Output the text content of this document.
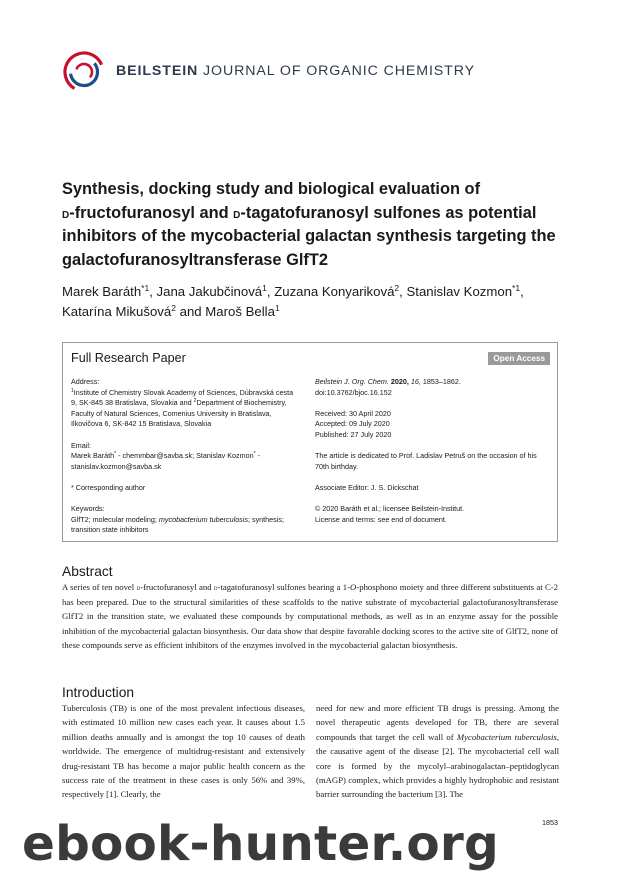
BEILSTEIN JOURNAL OF ORGANIC CHEMISTRY
Synthesis, docking study and biological evaluation of
d-fructofuranosyl and d-tagatofuranosyl sulfones as potential inhibitors of the mycobacterial galactan synthesis targeting the galactofuranosyltransferase GlfT2
Marek Baráth$^{*1}$, Jana Jakubčinová$^1$, Zuzana Konyariková$^2$, Stanislav Kozmon$^{*1}$,
Katarína Mikušová$^2$ and Maroš Bella$^1$
Full Research Paper	Open Access

Address:
$^1$Institute of Chemistry Slovak Academy of Sciences, Dúbravská cesta 9, SK-845 38 Bratislava, Slovakia and $^2$Department of Biochemistry, Faculty of Natural Sciences, Comenius University in Bratislava, Ilkovičova 6, SK-842 15 Bratislava, Slovakia

Email:
Marek Baráth* - chemmbar@savba.sk; Stanislav Kozmon* - stanislav.kozmon@savba.sk

* Corresponding author

Keywords:
GlfT2; molecular modeling; mycobacterium tuberculosis; synthesis; transition state inhibitors

Beilstein J. Org. Chem. 2020, 16, 1853–1862.
doi:10.3762/bjoc.16.152

Received: 30 April 2020
Accepted: 09 July 2020
Published: 27 July 2020

The article is dedicated to Prof. Ladislav Petruš on the occasion of his 70th birthday.

Associate Editor: J. S. Dickschat

© 2020 Baráth et al.; licensee Beilstein-Institut.
License and terms: see end of document.

Abstract
A series of ten novel d-fructofuranosyl and d-tagatofuranosyl sulfones bearing a 1-O-phosphono moiety and three different substituents at C-2 has been prepared. Due to the structural similarities of these scaffolds to the native substrate of mycobacterial galactofuranosyltransferase GlfT2 in the transition state, we evaluated these compounds by computational methods, as well as in an enzyme assay for the possible inhibition of the mycobacterial galactan biosynthesis. Our data show that despite favorable docking scores to the active site of GlfT2, none of these compounds serve as efficient inhibitors of the enzymes involved in the mycobacterial galactan biosynthesis.
Introduction
Tuberculosis (TB) is one of the most prevalent infectious diseases, with estimated 10 million new cases each year. It causes about 1.5 million deaths annually and is amongst the top 10 causes of death worldwide. The emergence of multidrug-resistant and extensively drug-resistant TB has become a major public health concern as the success rate of the treatment in these cases is only 56% and 39%, respectively [1]. Clearly, the
need for new and more efficient TB drugs is pressing. Among the novel therapeutic agents developed for TB, there are several compounds that target the cell wall of Mycobacterium tuberculosis, the causative agent of the disease [2]. The mycobacterial cell wall core is formed by the mycolyl–arabinogalactan–peptidoglycan (mAGP) complex, which provides a highly hydrophobic and resistant barrier surrounding the bacterium [3]. The
1853
ebook-hunter.org
